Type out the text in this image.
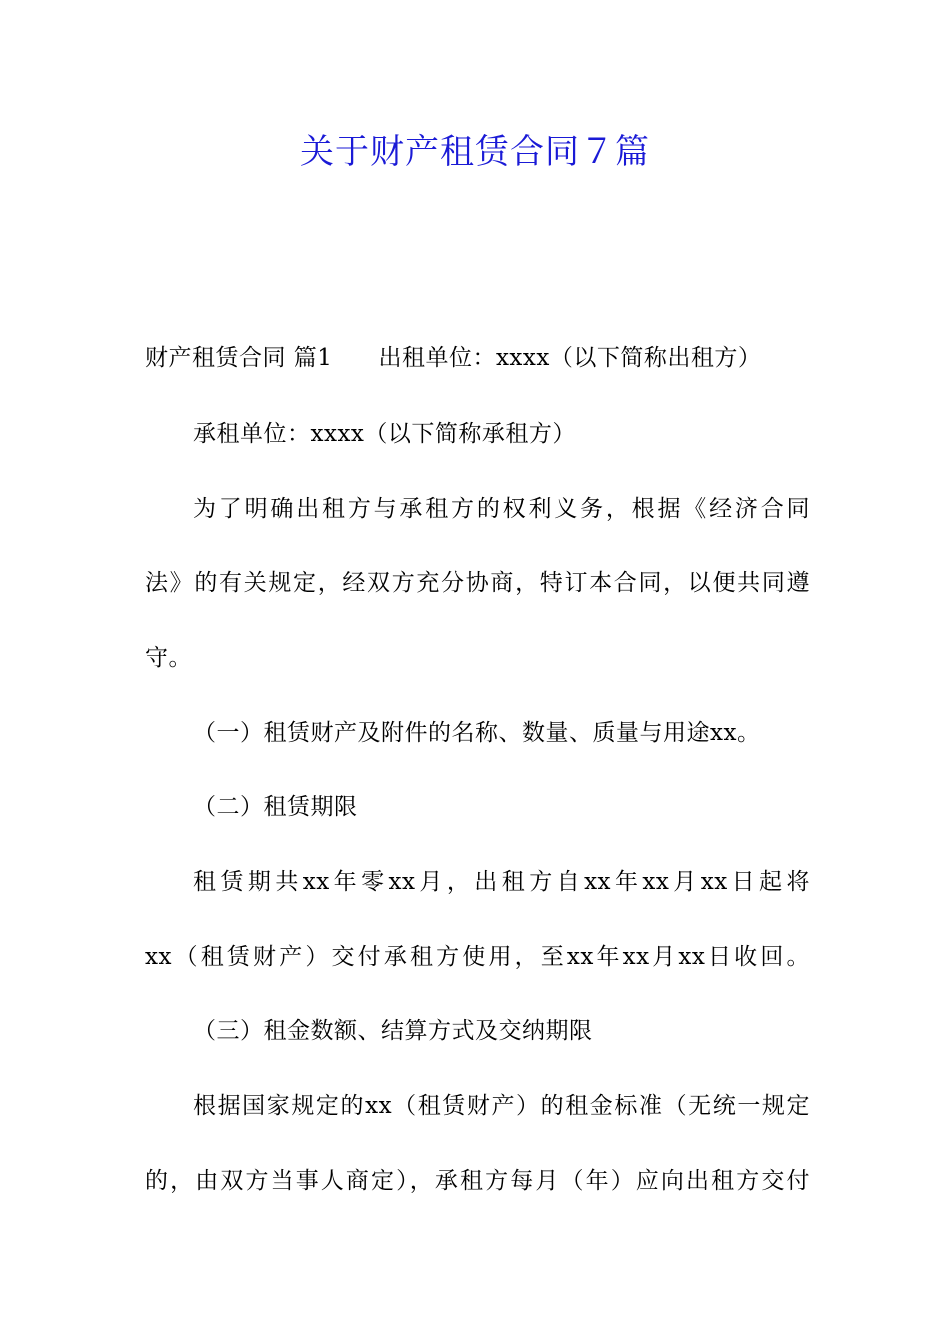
关于财产租赁合同７篇
财产租赁合同 篇1 出租单位：xxxx（以下简称出租方）
承租单位：xxxx（以下简称承租方）
为了明确出租方与承租方的权利义务，根据《经济合同
法》的有关规定，经双方充分协商，特订本合同，以便共同遵
守。
（一）租赁财产及附件的名称、数量、质量与用途xx。
（二）租赁期限
租赁期共xx年零xx月，出租方自xx年xx月xx日起将
xx（租赁财产）交付承租方使用，至xx年xx月xx日收回。
（三）租金数额、结算方式及交纳期限
根据国家规定的xx（租赁财产）的租金标准（无统一规定
的，由双方当事人商定），承租方每月（年）应向出租方交付
